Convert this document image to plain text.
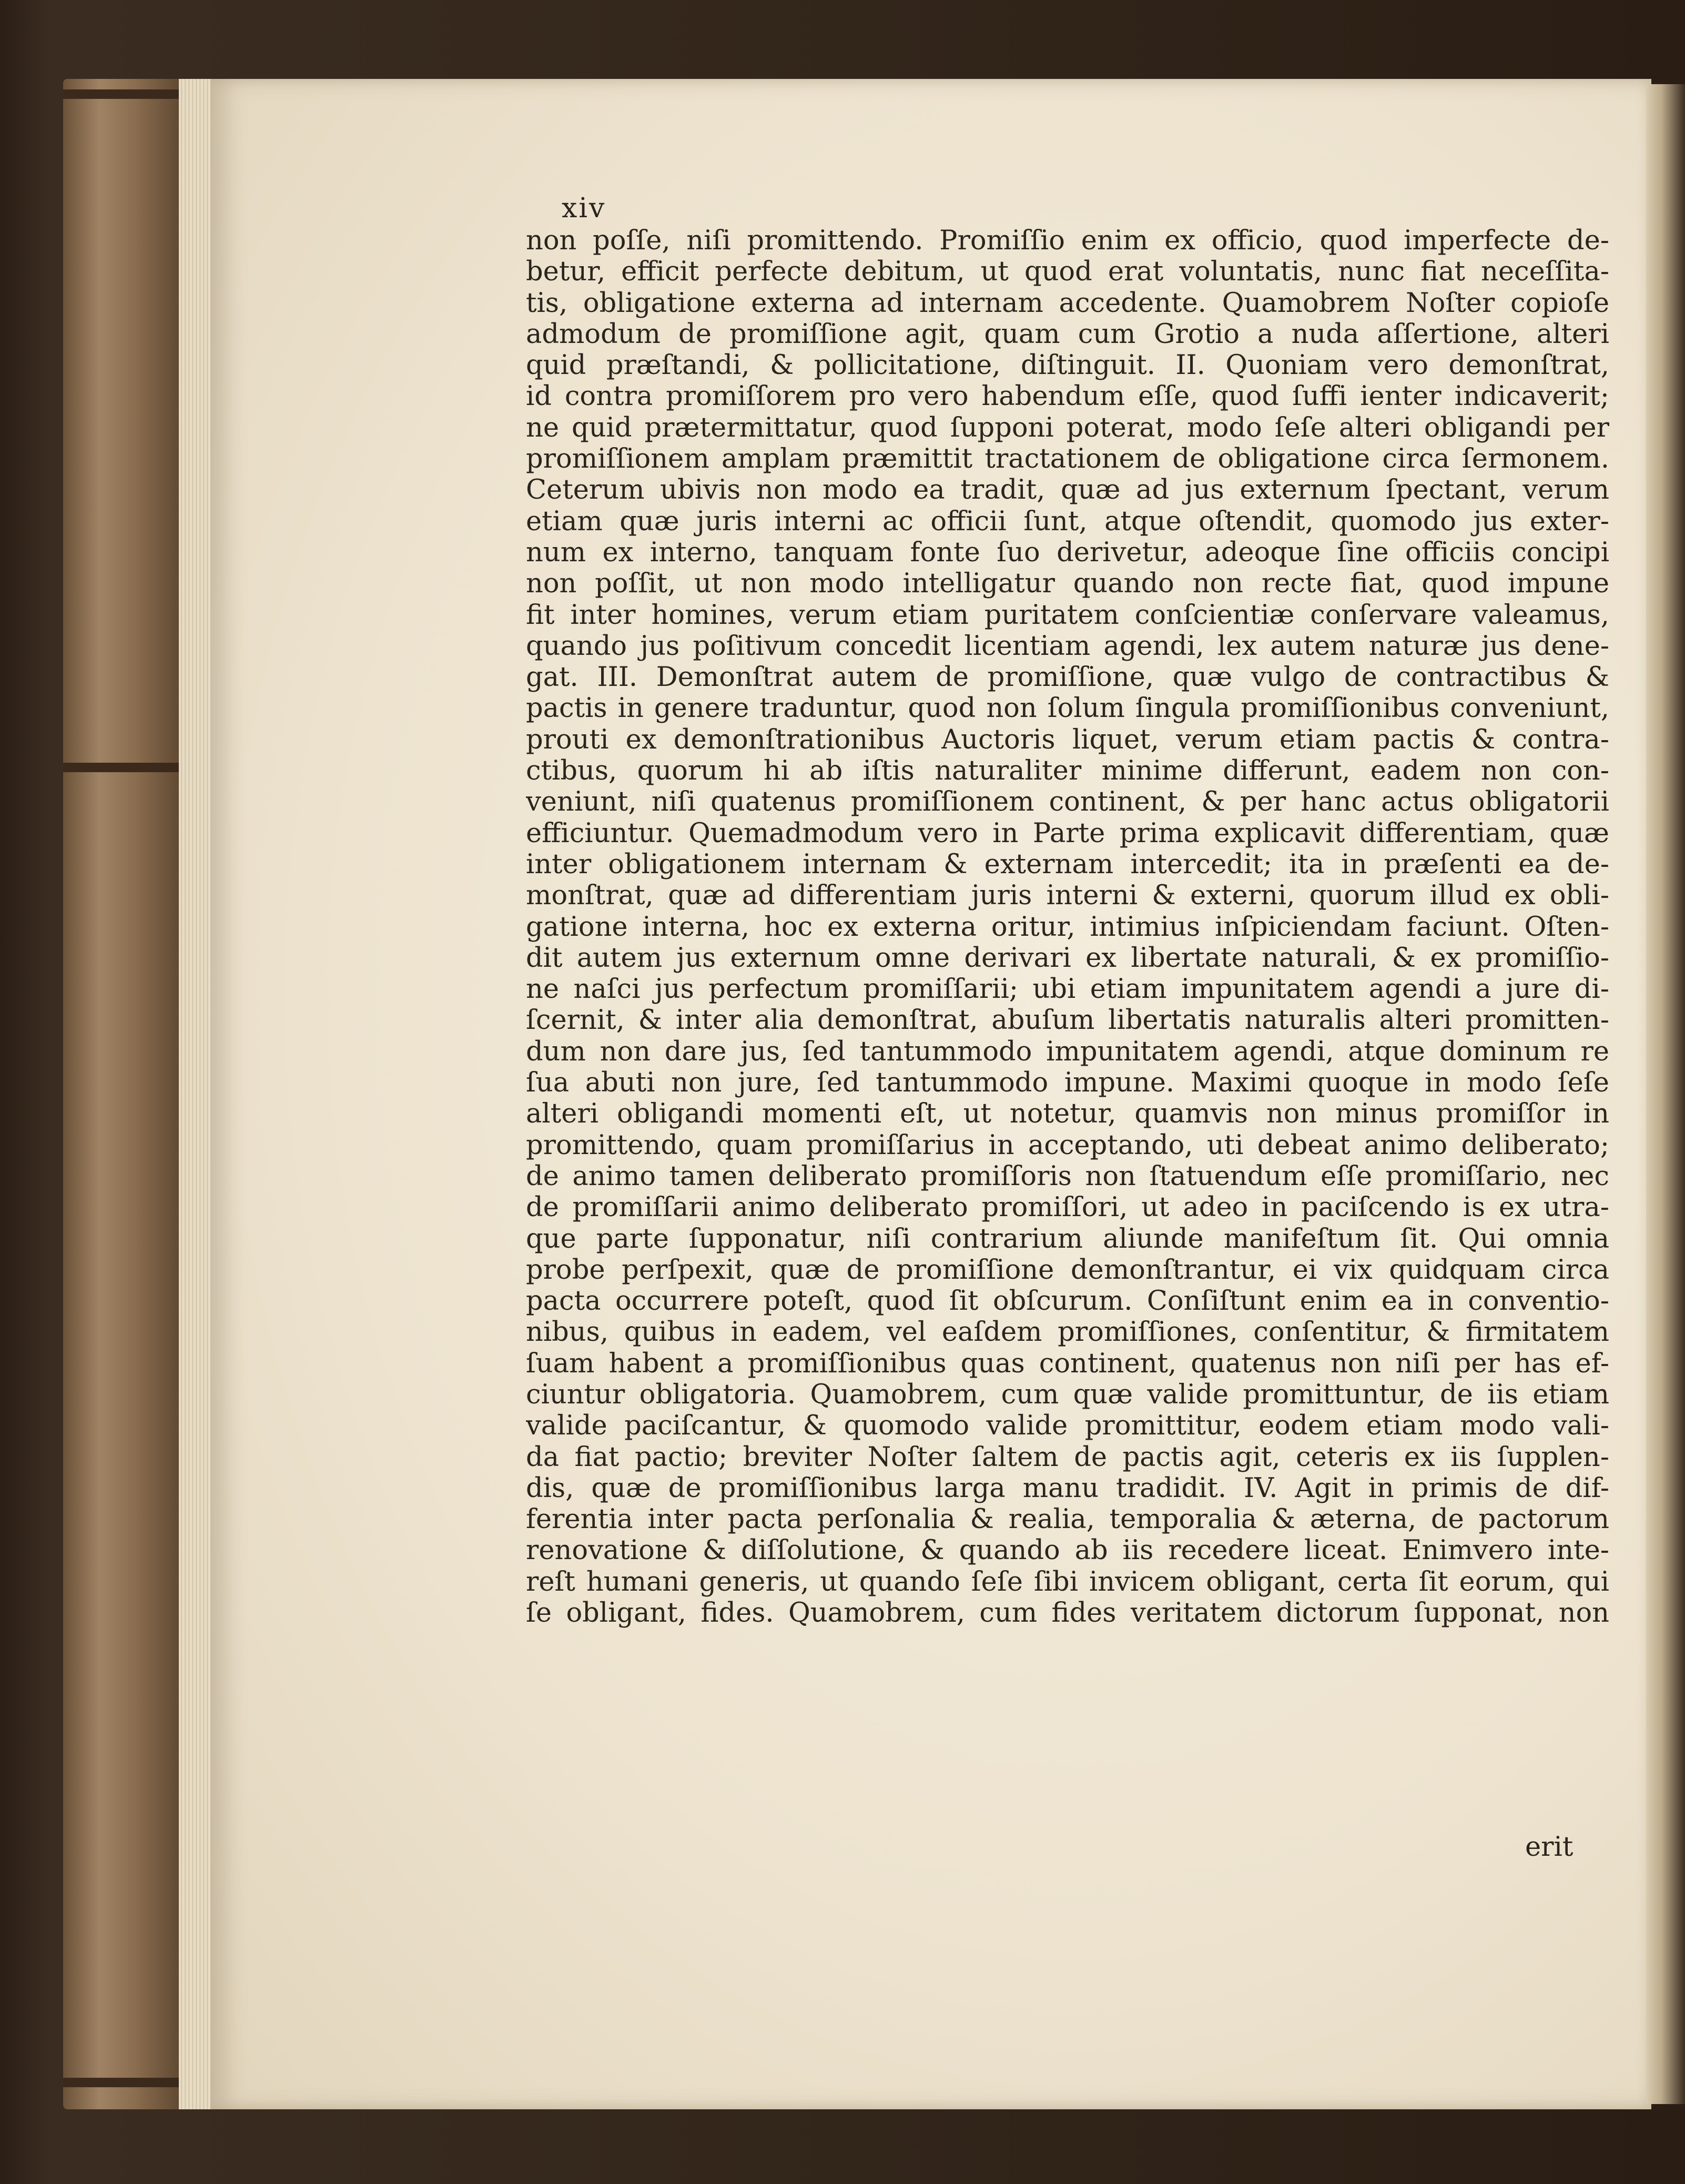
xiv
non poſſe, niſi promittendo. Promiſſio enim ex officio, quod imperfecte de-
betur, efficit perfecte debitum, ut quod erat voluntatis, nunc fiat neceſſita-
tis, obligatione externa ad internam accedente. Quamobrem Noſter copioſe
admodum de promiſſione agit, quam cum Grotio a nuda aſſertione, alteri
quid præſtandi, & pollicitatione, diſtinguit. II. Quoniam vero demonſtrat,
id contra promiſſorem pro vero habendum eſſe, quod ſuffi ienter indicaverit;
ne quid prætermittatur, quod ſupponi poterat, modo ſeſe alteri obligandi per
promiſſionem amplam præmittit tractationem de obligatione circa ſermonem.
Ceterum ubivis non modo ea tradit, quæ ad jus externum ſpectant, verum
etiam quæ juris interni ac officii ſunt, atque oſtendit, quomodo jus exter-
num ex interno, tanquam fonte ſuo derivetur, adeoque ſine officiis concipi
non poſſit, ut non modo intelligatur quando non recte fiat, quod impune
fit inter homines, verum etiam puritatem conſcientiæ conſervare valeamus,
quando jus poſitivum concedit licentiam agendi, lex autem naturæ jus dene-
gat. III. Demonſtrat autem de promiſſione, quæ vulgo de contractibus &
pactis in genere traduntur, quod non ſolum ſingula promiſſionibus conveniunt,
prouti ex demonſtrationibus Auctoris liquet, verum etiam pactis & contra-
ctibus, quorum hi ab iſtis naturaliter minime differunt, eadem non con-
veniunt, niſi quatenus promiſſionem continent, & per hanc actus obligatorii
efficiuntur. Quemadmodum vero in Parte prima explicavit differentiam, quæ
inter obligationem internam & externam intercedit; ita in præſenti ea de-
monſtrat, quæ ad differentiam juris interni & externi, quorum illud ex obli-
gatione interna, hoc ex externa oritur, intimius inſpiciendam faciunt. Oſten-
dit autem jus externum omne derivari ex libertate naturali, & ex promiſſio-
ne naſci jus perfectum promiſſarii; ubi etiam impunitatem agendi a jure di-
ſcernit, & inter alia demonſtrat, abuſum libertatis naturalis alteri promitten-
dum non dare jus, ſed tantummodo impunitatem agendi, atque dominum re
ſua abuti non jure, ſed tantummodo impune. Maximi quoque in modo ſeſe
alteri obligandi momenti eſt, ut notetur, quamvis non minus promiſſor in
promittendo, quam promiſſarius in acceptando, uti debeat animo deliberato;
de animo tamen deliberato promiſſoris non ſtatuendum eſſe promiſſario, nec
de promiſſarii animo deliberato promiſſori, ut adeo in paciſcendo is ex utra-
que parte ſupponatur, niſi contrarium aliunde manifeſtum ſit. Qui omnia
probe perſpexit, quæ de promiſſione demonſtrantur, ei vix quidquam circa
pacta occurrere poteſt, quod ſit obſcurum. Conſiſtunt enim ea in conventio-
nibus, quibus in eadem, vel eaſdem promiſſiones, conſentitur, & firmitatem
ſuam habent a promiſſionibus quas continent, quatenus non niſi per has ef-
ciuntur obligatoria. Quamobrem, cum quæ valide promittuntur, de iis etiam
valide paciſcantur, & quomodo valide promittitur, eodem etiam modo vali-
da fiat pactio; breviter Noſter ſaltem de pactis agit, ceteris ex iis ſupplen-
dis, quæ de promiſſionibus larga manu tradidit. IV. Agit in primis de dif-
ferentia inter pacta perſonalia & realia, temporalia & æterna, de pactorum
renovatione & diſſolutione, & quando ab iis recedere liceat. Enimvero inte-
reſt humani generis, ut quando ſeſe ſibi invicem obligant, certa ſit eorum, qui
ſe obligant, fides. Quamobrem, cum fides veritatem dictorum ſupponat, non
erit
